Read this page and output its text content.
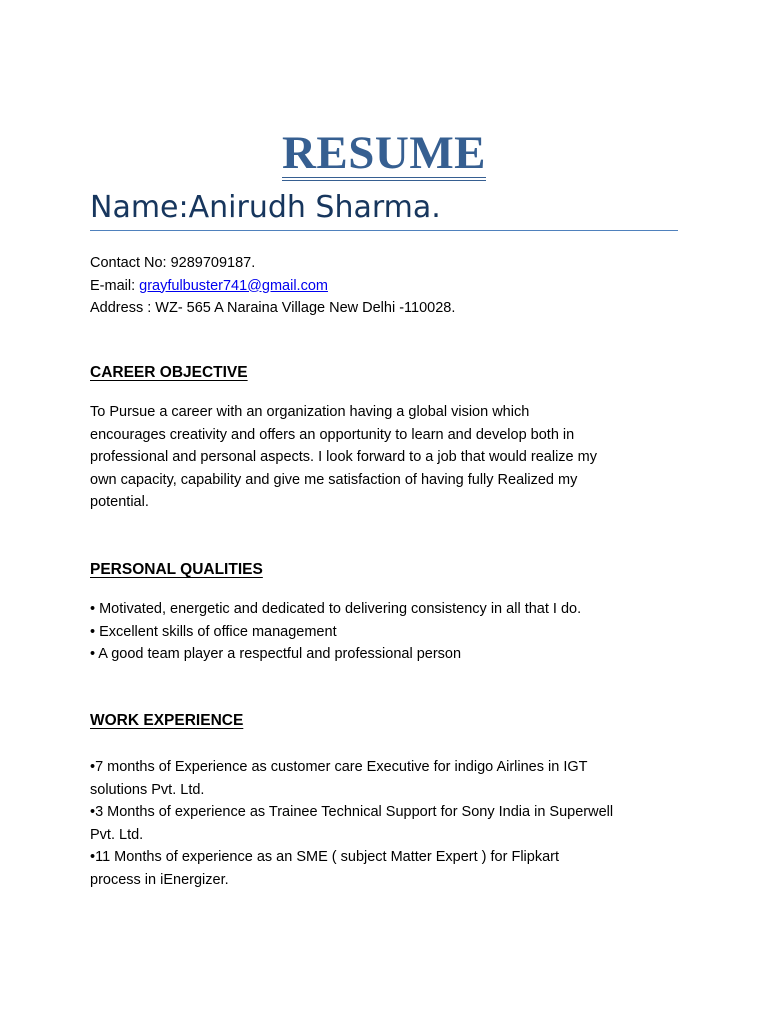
RESUME
Name:Anirudh Sharma.
Contact No: 9289709187.
E-mail: grayfulbuster741@gmail.com
Address : WZ- 565 A Naraina Village New Delhi -110028.
CAREER OBJECTIVE
To Pursue a career with an organization having a global vision which
encourages creativity and offers an opportunity to learn and develop both in
professional and personal aspects. I look forward to a job that would realize my
own capacity, capability and give me satisfaction of having fully Realized my
potential.
PERSONAL QUALITIES
• Motivated, energetic and dedicated to delivering consistency in all that I do.
• Excellent skills of office management
• A good team player a respectful and professional person
WORK EXPERIENCE
•7 months of Experience as customer care Executive for indigo Airlines in IGT
solutions Pvt. Ltd.
•3 Months of experience as Trainee Technical Support for Sony India in Superwell
Pvt. Ltd.
•11 Months of experience as an SME ( subject Matter Expert ) for Flipkart
process in iEnergizer.
